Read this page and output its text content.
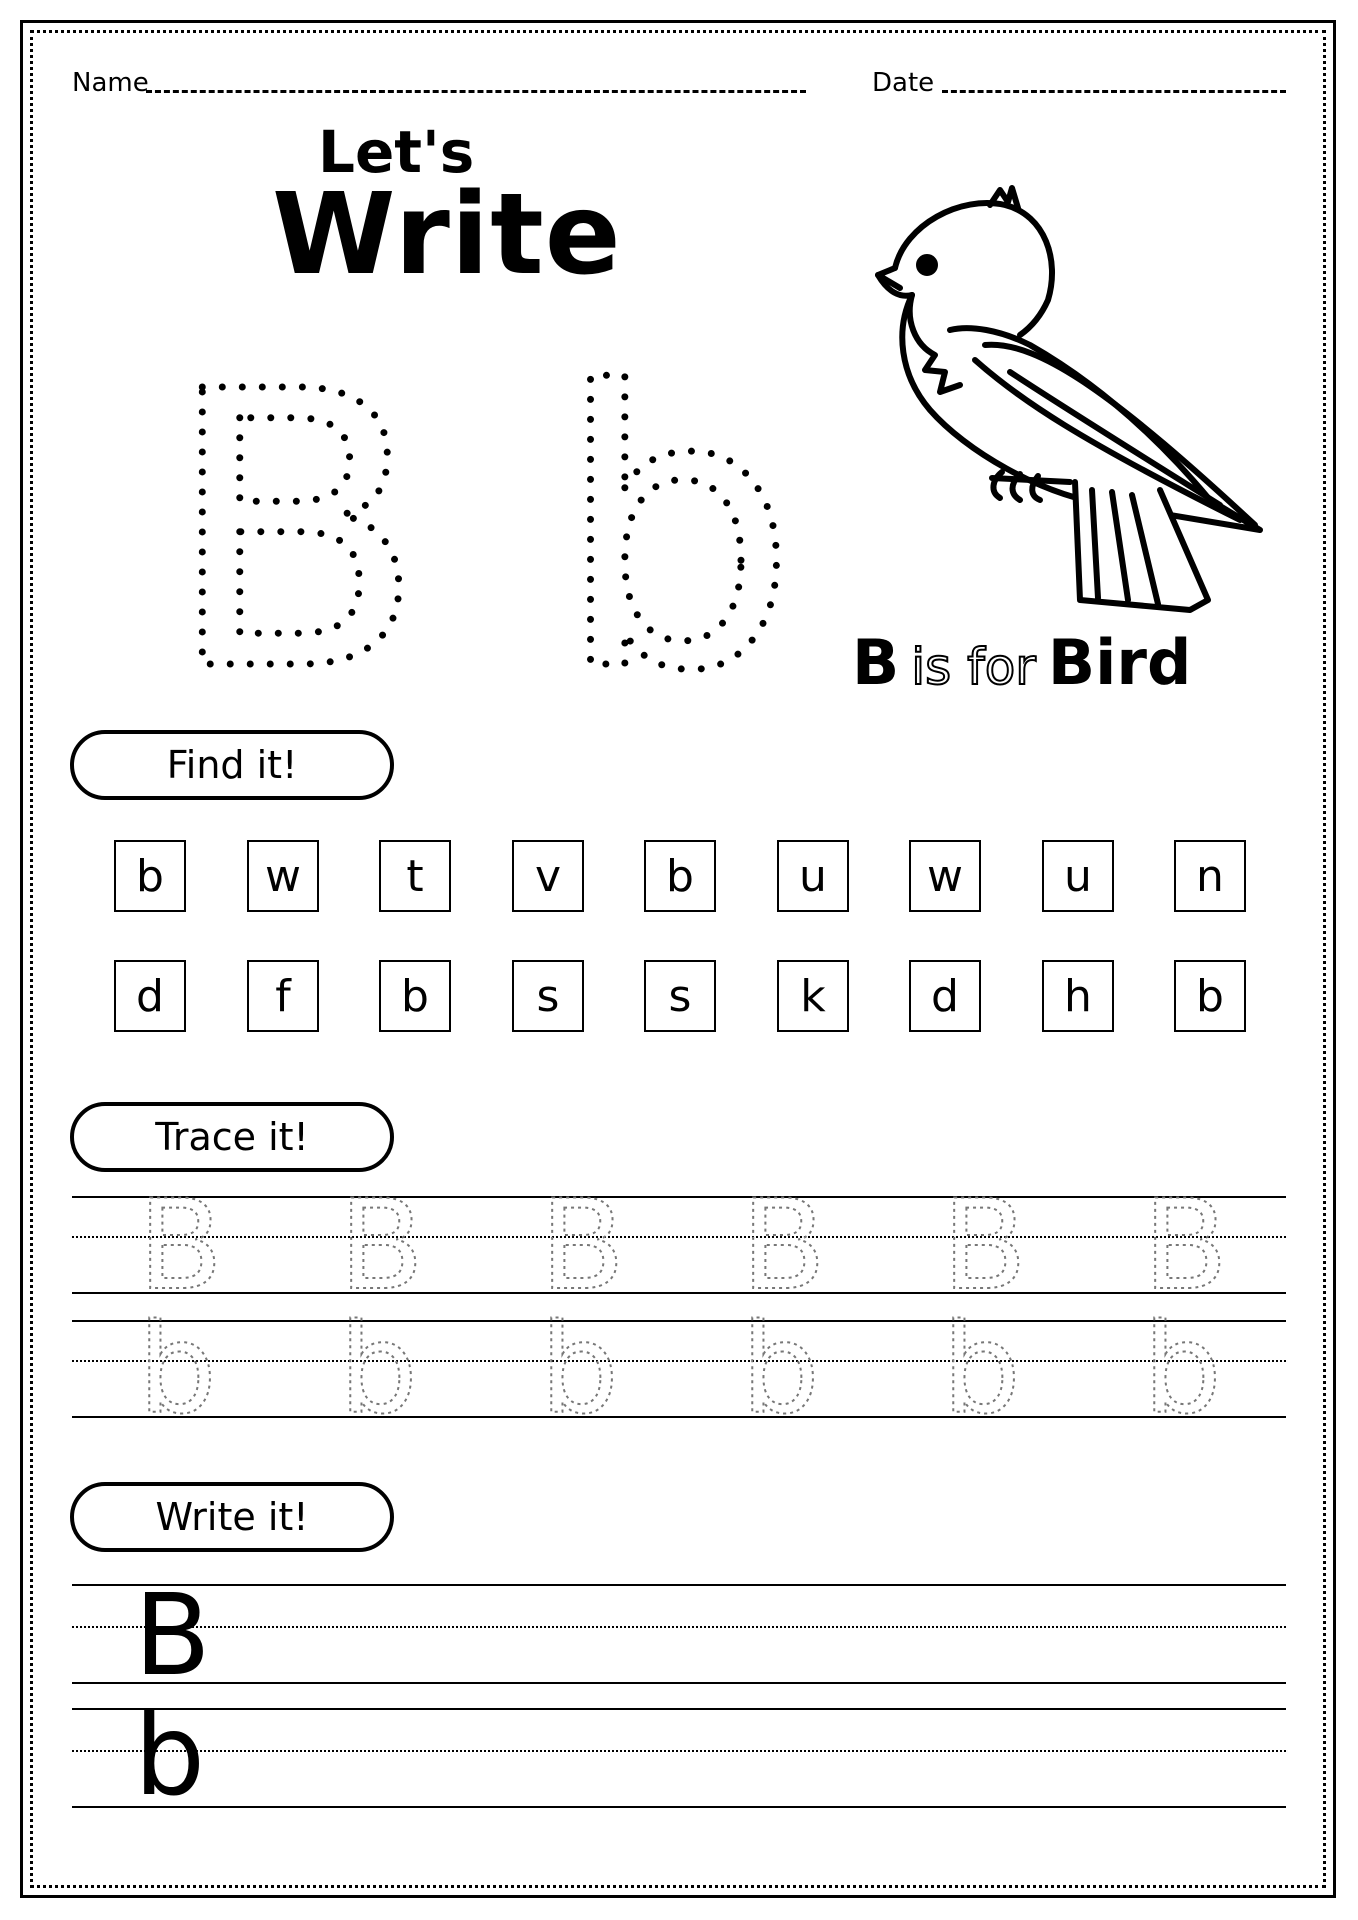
Name	Date
Let's
Write
B b B is for Bird
Find it!
b	w	t	v	b	u	w	u	n
d	f	b	s	s	k	d	h	b
Trace it!
B B B B B B
b b b b b b
Write it!
B
b
